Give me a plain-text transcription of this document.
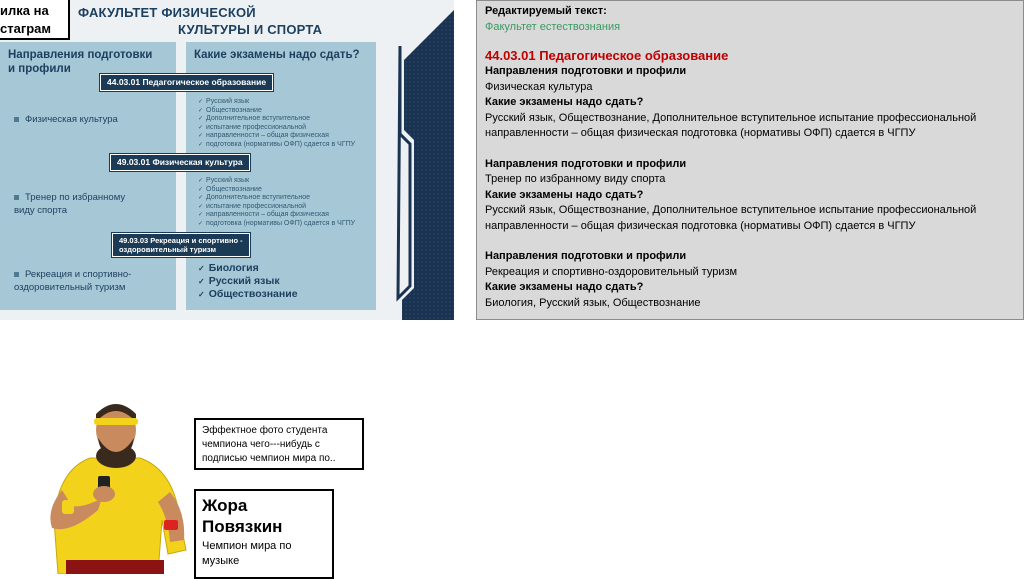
ФАКУЛЬТЕТ ФИЗИЧЕСКОЙ
КУЛЬТУРЫ И СПОРТА
Направления подготовки
и профили
Какие экзамены надо сдать?
44.03.01 Педагогическое образование
Физическая культура
✓ Русский язык
✓ Обществознание
✓ Дополнительное вступительное
✓ испытание профессиональной
✓ направленности – общая физическая
✓ подготовка (нормативы ОФП) сдается в ЧГПУ
49.03.01 Физическая культура
Тренер по избранному
виду спорта
✓ Русский язык
✓ Обществознание
✓ Дополнительное вступительное
✓ испытание профессиональной
✓ направленности – общая физическая
✓ подготовка (нормативы ОФП) сдается в ЧГПУ
49.03.03 Рекреация и спортивно -
оздоровительный туризм
Рекреация и спортивно-
оздоровительный туризм
✓ Биология
✓ Русский язык
✓ Обществознание
илка на
стаграм
Редактируемый текст:
Факультет естествознания
44.03.01 Педагогическое образование
Направления подготовки и профили
Физическая культура
Какие экзамены надо сдать?
Русский язык, Обществознание, Дополнительное вступительное испытание профессиональной направленности – общая физическая подготовка (нормативы ОФП) сдается в ЧГПУ
Направления подготовки и профили
Тренер по избранному виду спорта
Какие экзамены надо сдать?
Русский язык, Обществознание, Дополнительное вступительное испытание профессиональной направленности – общая физическая подготовка (нормативы ОФП) сдается в ЧГПУ
Направления подготовки и профили
Рекреация и спортивно-оздоровительный туризм
Какие экзамены надо сдать?
Биология, Русский язык, Обществознание
Эффектное фото студента чемпиона чего---нибудь с подписью чемпион мира по..
Жора Повязкин
Чемпион мира по музыке
